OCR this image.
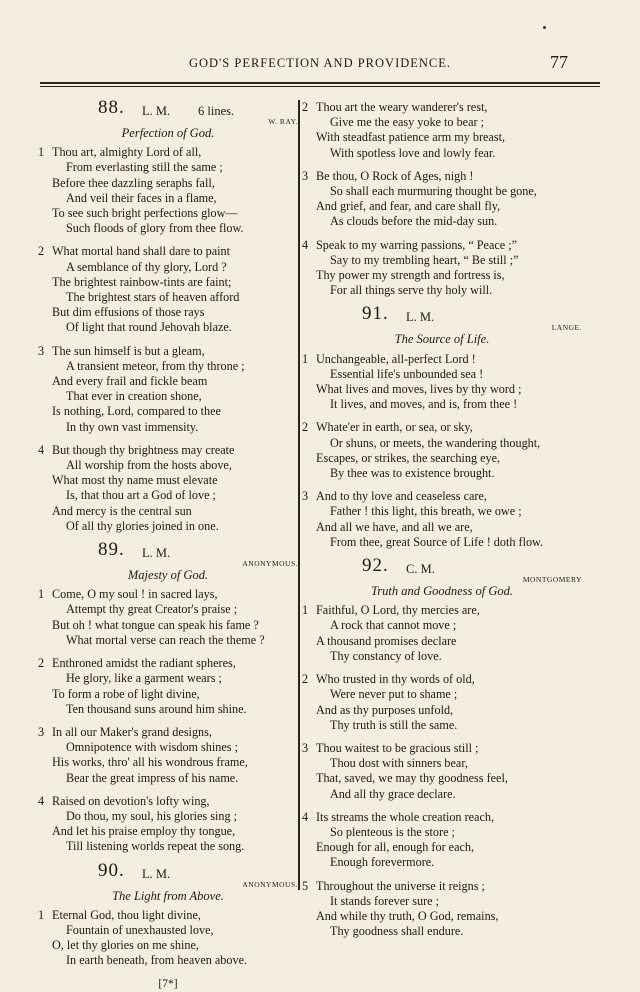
GOD'S PERFECTION AND PROVIDENCE.	77
88. L. M. 6 lines.
W. RAY.
Perfection of God.
1 Thou art, almighty Lord of all,
From everlasting still the same ;
Before thee dazzling seraphs fall,
And veil their faces in a flame,
To see such bright perfections glow—
Such floods of glory from thee flow.
2 What mortal hand shall dare to paint
A semblance of thy glory, Lord ?
The brightest rainbow-tints are faint;
The brightest stars of heaven afford
But dim effusions of those rays
Of light that round Jehovah blaze.
3 The sun himself is but a gleam,
A transient meteor, from thy throne ;
And every frail and fickle beam
That ever in creation shone,
Is nothing, Lord, compared to thee
In thy own vast immensity.
4 But though thy brightness may create
All worship from the hosts above,
What most thy name must elevate
Is, that thou art a God of love ;
And mercy is the central sun
Of all thy glories joined in one.
89. L. M.
ANONYMOUS.
Majesty of God.
1 Come, O my soul ! in sacred lays,
Attempt thy great Creator's praise ;
But oh ! what tongue can speak his fame ?
What mortal verse can reach the theme ?
2 Enthroned amidst the radiant spheres,
He glory, like a garment wears ;
To form a robe of light divine,
Ten thousand suns around him shine.
3 In all our Maker's grand designs,
Omnipotence with wisdom shines ;
His works, thro' all his wondrous frame,
Bear the great impress of his name.
4 Raised on devotion's lofty wing,
Do thou, my soul, his glories sing ;
And let his praise employ thy tongue,
Till listening worlds repeat the song.
90. L. M.
ANONYMOUS.
The Light from Above.
1 Eternal God, thou light divine,
Fountain of unexhausted love,
O, let thy glories on me shine,
In earth beneath, from heaven above.
[7*]
2 Thou art the weary wanderer's rest,
Give me the easy yoke to bear ;
With steadfast patience arm my breast,
With spotless love and lowly fear.
3 Be thou, O Rock of Ages, nigh !
So shall each murmuring thought be gone,
And grief, and fear, and care shall fly,
As clouds before the mid-day sun.
4 Speak to my warring passions, “ Peace ;”
Say to my trembling heart, “ Be still ;”
Thy power my strength and fortress is,
For all things serve thy holy will.
91. L. M.
LANGE.
The Source of Life.
1 Unchangeable, all-perfect Lord !
Essential life's unbounded sea !
What lives and moves, lives by thy word ;
It lives, and moves, and is, from thee !
2 Whate'er in earth, or sea, or sky,
Or shuns, or meets, the wandering thought,
Escapes, or strikes, the searching eye,
By thee was to existence brought.
3 And to thy love and ceaseless care,
Father ! this light, this breath, we owe ;
And all we have, and all we are,
From thee, great Source of Life ! doth flow.
92. C. M.
MONTGOMERY
Truth and Goodness of God.
1 Faithful, O Lord, thy mercies are,
A rock that cannot move ;
A thousand promises declare
Thy constancy of love.
2 Who trusted in thy words of old,
Were never put to shame ;
And as thy purposes unfold,
Thy truth is still the same.
3 Thou waitest to be gracious still ;
Thou dost with sinners bear,
That, saved, we may thy goodness feel,
And all thy grace declare.
4 Its streams the whole creation reach,
So plenteous is the store ;
Enough for all, enough for each,
Enough forevermore.
5 Throughout the universe it reigns ;
It stands forever sure ;
And while thy truth, O God, remains,
Thy goodness shall endure.
